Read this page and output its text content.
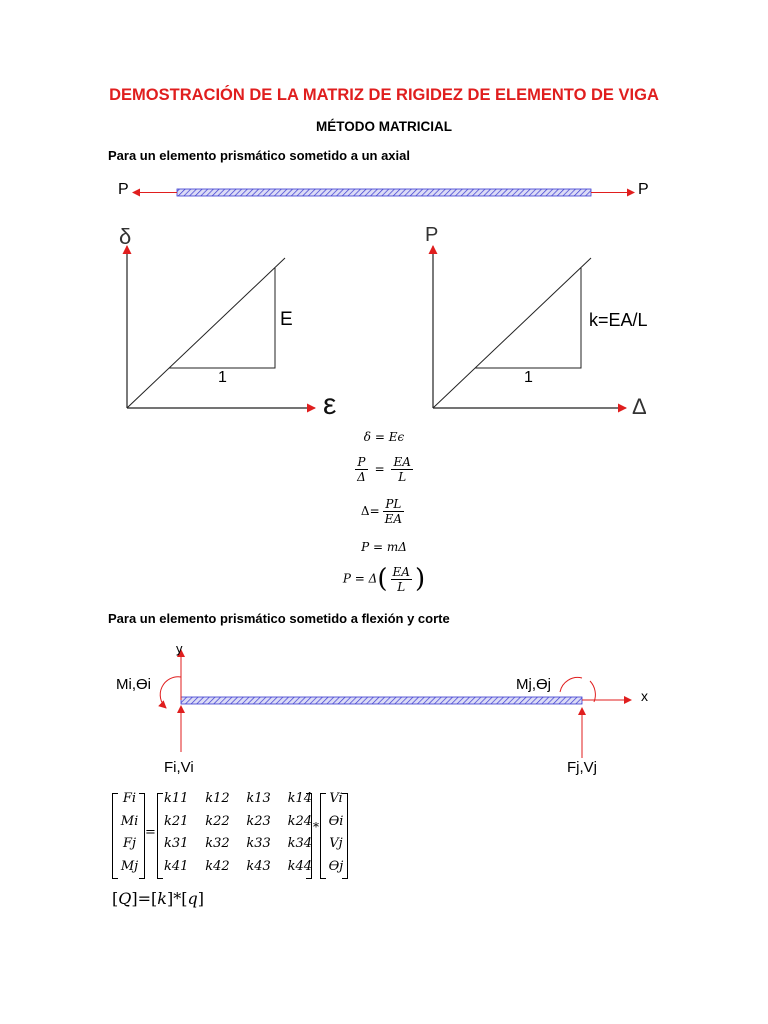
DEMOSTRACIÓN DE LA MATRIZ DE RIGIDEZ DE ELEMENTO DE VIGA
MÉTODO MATRICIAL
Para un elemento prismático sometido a un axial
P	P
δ
ε
E
1
P
Δ
k=EA/L
1
δ = Eϵ
$\frac{P}{\Delta} = \frac{EA}{L}$
$\Delta= \frac{PL}{EA}$
P = mΔ
$P = \Delta( \frac{EA}{L}$ )
Para un elemento prismático sometido a flexión y corte
y
x
Mi,Ɵi	Mj,Ɵj
Fi,Vi	Fj,Vj
Fi
Mi
Fj
Mj
=
k11 k12 k13 k14
k21 k22 k23 k24
k31 k32 k33 k34
k41 k42 k43 k44
*
Vi
Ɵi
Vj
Ɵj
[Q]=[k]*[q]
